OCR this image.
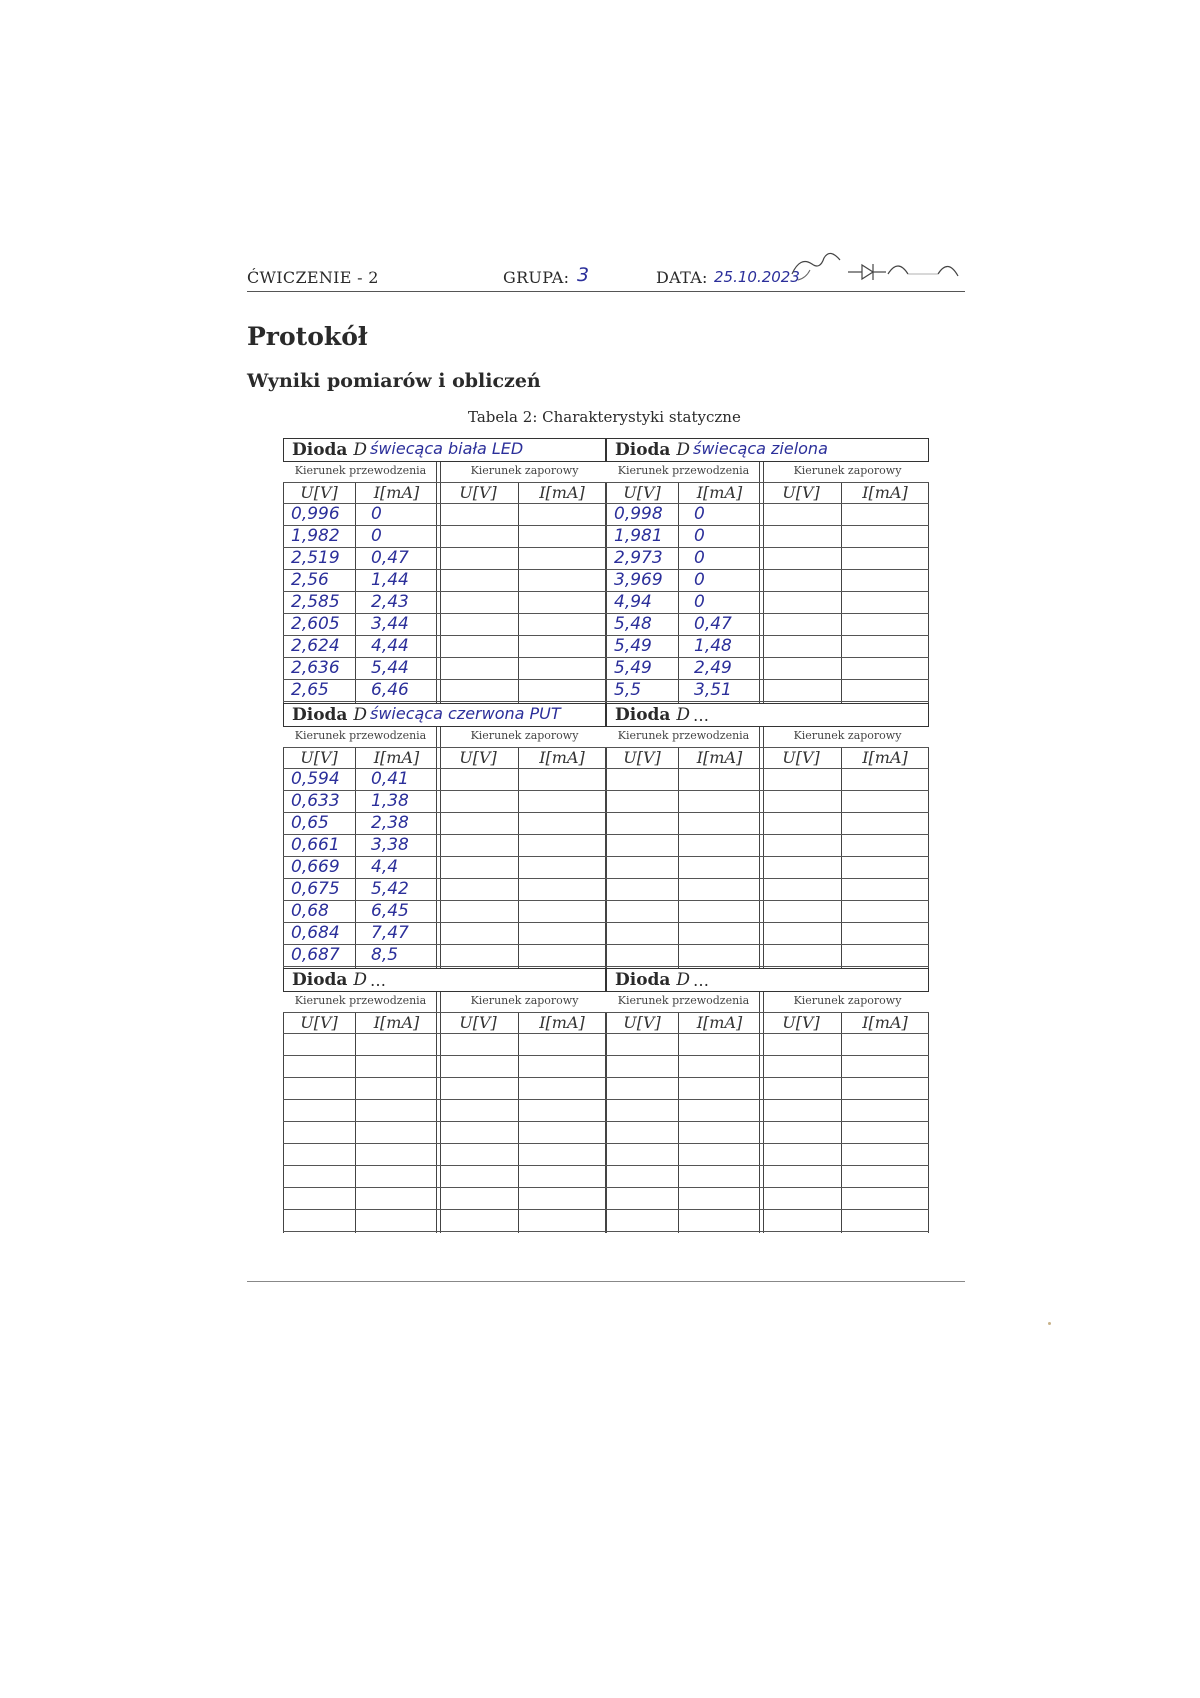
ĆWICZENIE - 2	GRUPA: 3	DATA: 25.10.2023
Protokół
Wyniki pomiarów i obliczeń
Tabela 2: Charakterystyki statyczne
Dioda D świecąca biała LED
Kierunek przewodzenia	Kierunek zaporowy
U[V]	I[mA]	U[V]	I[mA]
0,996 0
1,982 0
2,519 0,47
2,56 1,44
2,585 2,43
2,605 3,44
2,624 4,44
2,636 5,44
2,65 6,46
Dioda D świecąca zielona
Kierunek przewodzenia	Kierunek zaporowy
U[V]	I[mA]	U[V]	I[mA]
0,998 0
1,981 0
2,973 0
3,969 0
4,94 0
5,48 0,47
5,49 1,48
5,49 2,49
5,5	3,51
Dioda D świecąca czerwona PUT
Kierunek przewodzenia	Kierunek zaporowy
U[V]	I[mA]	U[V]	I[mA]
0,594 0,41
0,633 1,38
0,65 2,38
0,661 3,38
0,669 4,4
0,675 5,42
0,68 6,45
0,684 7,47
0,687 8,5
Dioda D …
Kierunek przewodzenia	Kierunek zaporowy
U[V]	I[mA]	U[V]	I[mA]
Dioda D …
Kierunek przewodzenia	Kierunek zaporowy
U[V]	I[mA]	U[V]	I[mA]
Dioda D …
Kierunek przewodzenia	Kierunek zaporowy
U[V]	I[mA]	U[V]	I[mA]
